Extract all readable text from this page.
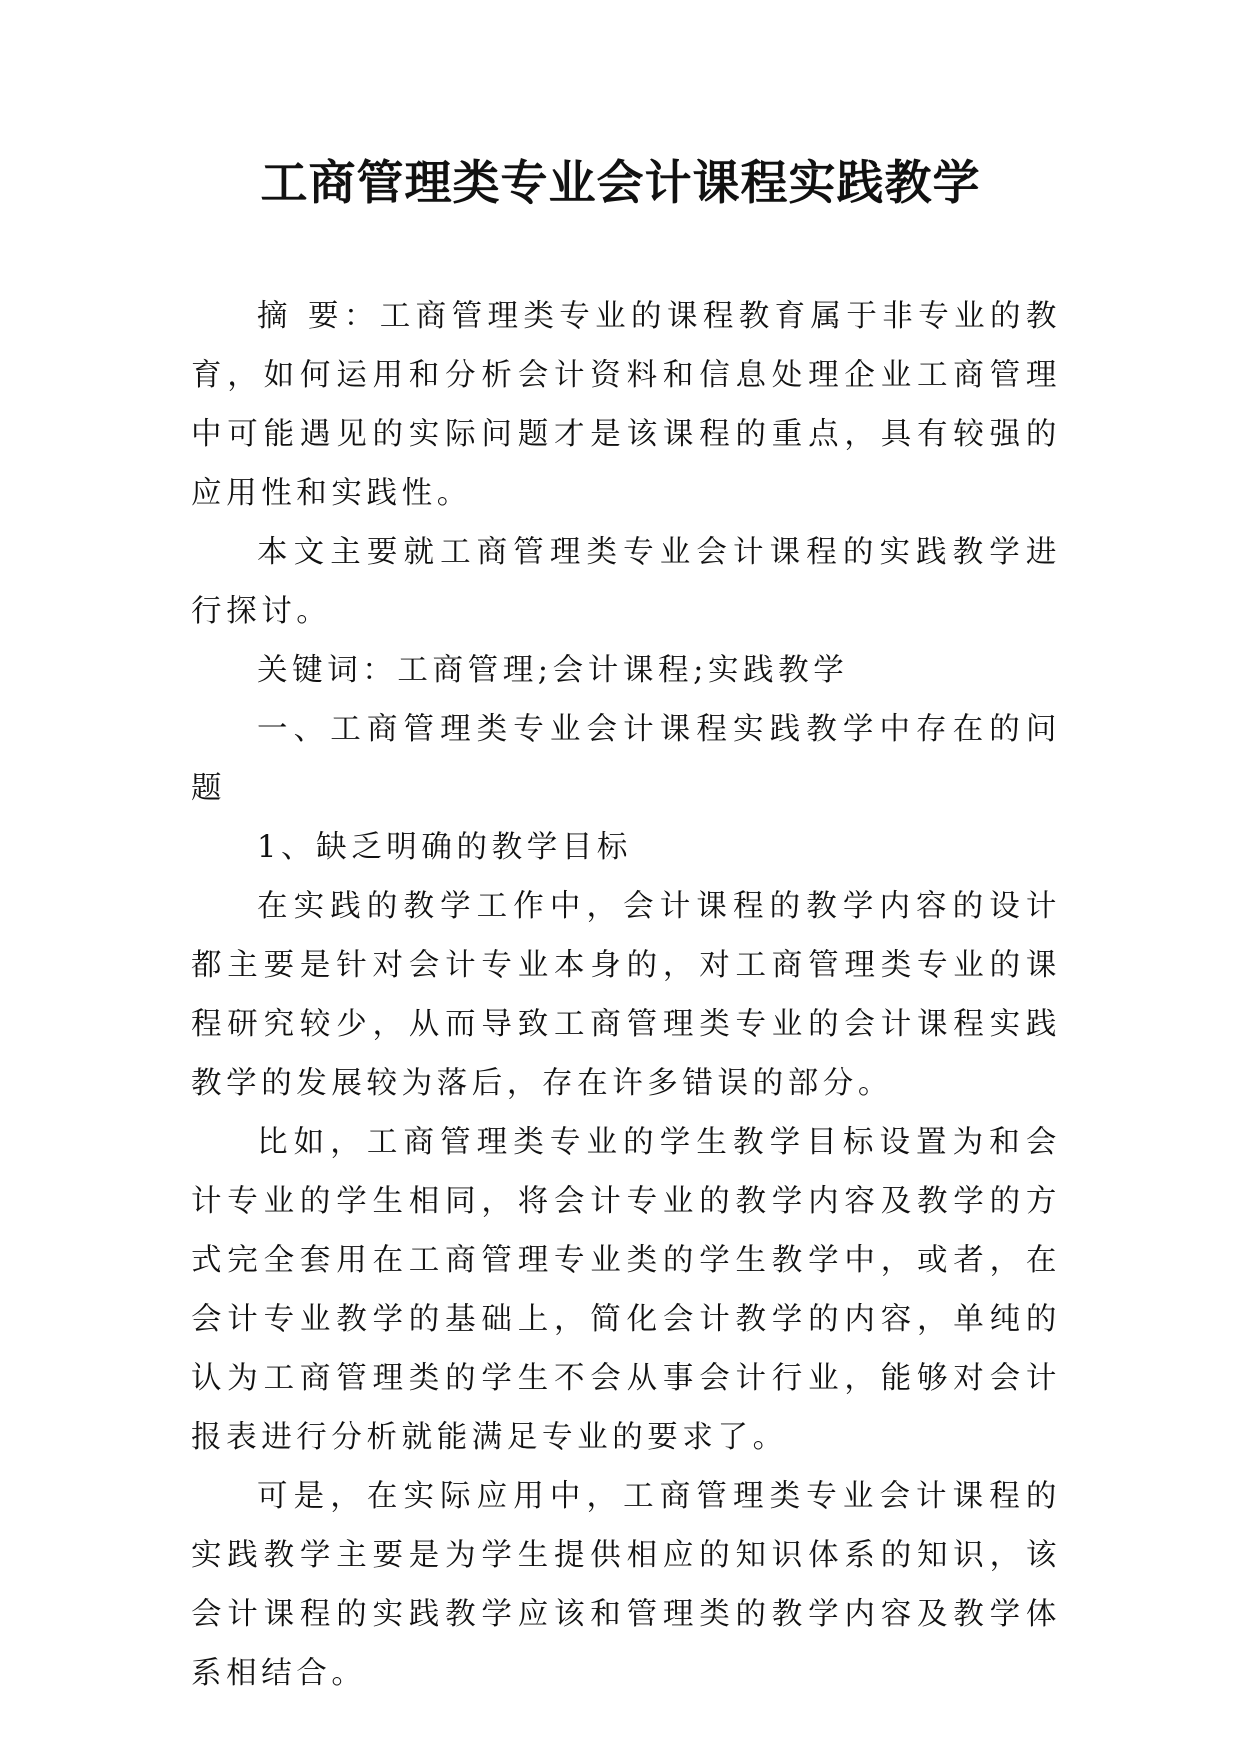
工商管理类专业会计课程实践教学

摘 要：工商管理类专业的课程教育属于非专业的教育，如何运用和分析会计资料和信息处理企业工商管理中可能遇见的实际问题才是该课程的重点，具有较强的应用性和实践性。

本文主要就工商管理类专业会计课程的实践教学进行探讨。

关键词：工商管理;会计课程;实践教学

一、工商管理类专业会计课程实践教学中存在的问题

1、缺乏明确的教学目标

在实践的教学工作中，会计课程的教学内容的设计都主要是针对会计专业本身的，对工商管理类专业的课程研究较少，从而导致工商管理类专业的会计课程实践教学的发展较为落后，存在许多错误的部分。

比如，工商管理类专业的学生教学目标设置为和会计专业的学生相同，将会计专业的教学内容及教学的方式完全套用在工商管理专业类的学生教学中，或者，在会计专业教学的基础上，简化会计教学的内容，单纯的认为工商管理类的学生不会从事会计行业，能够对会计报表进行分析就能满足专业的要求了。

可是，在实际应用中，工商管理类专业会计课程的实践教学主要是为学生提供相应的知识体系的知识，该会计课程的实践教学应该和管理类的教学内容及教学体系相结合。
